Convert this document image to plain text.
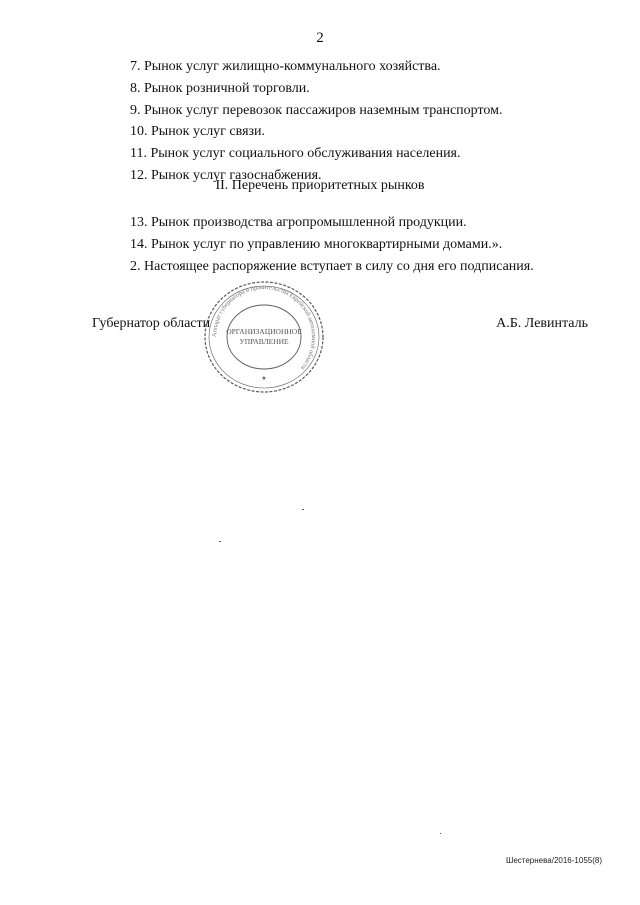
2
7. Рынок услуг жилищно-коммунального хозяйства.
8. Рынок розничной торговли.
9. Рынок услуг перевозок пассажиров наземным транспортом.
10. Рынок услуг связи.
11. Рынок услуг социального обслуживания населения.
12. Рынок услуг газоснабжения.
II. Перечень приоритетных рынков
13. Рынок производства агропромышленной продукции.
14. Рынок услуг по управлению многоквартирными домами.».
2. Настоящее распоряжение вступает в силу со дня его подписания.
Аппарат губернатора и правительства Еврейской автономной области
ОРГАНИЗАЦИОННОЕ
УПРАВЛЕНИЕ
★
Губернатор области	А.Б. Левинталь
Шестернева/2016-1055(8)
